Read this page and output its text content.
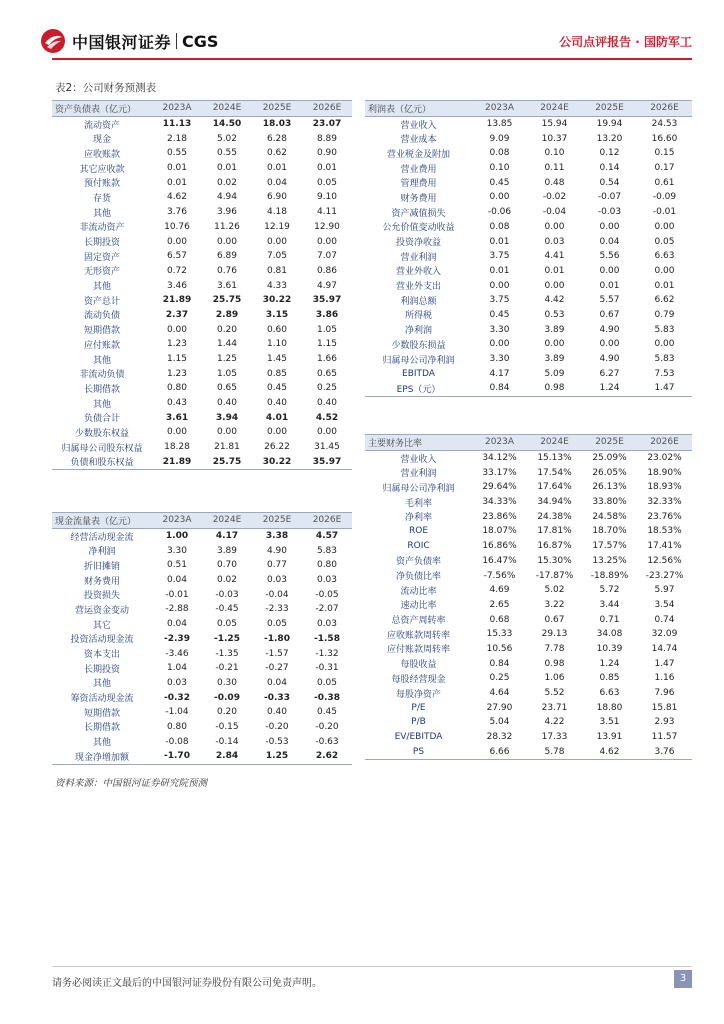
中国银河证券 CGS	公司点评报告 · 国防军工
表2：公司财务预测表
资产负债表（亿元）	2023A	2024E	2025E	2026E
流动资产	11.13	14.50	18.03	23.07
现金	2.18	5.02	6.28	8.89
应收账款	0.55	0.55	0.62	0.90
其它应收款	0.01	0.01	0.01	0.01
预付账款	0.01	0.02	0.04	0.05
存货	4.62	4.94	6.90	9.10
其他	3.76	3.96	4.18	4.11
非流动资产	10.76	11.26	12.19	12.90
长期投资	0.00	0.00	0.00	0.00
固定资产	6.57	6.89	7.05	7.07
无形资产	0.72	0.76	0.81	0.86
其他	3.46	3.61	4.33	4.97
资产总计	21.89	25.75	30.22	35.97
流动负债	2.37	2.89	3.15	3.86
短期借款	0.00	0.20	0.60	1.05
应付账款	1.23	1.44	1.10	1.15
其他	1.15	1.25	1.45	1.66
非流动负债	1.23	1.05	0.85	0.65
长期借款	0.80	0.65	0.45	0.25
其他	0.43	0.40	0.40	0.40
负债合计	3.61	3.94	4.01	4.52
少数股东权益	0.00	0.00	0.00	0.00
归属母公司股东权益	18.28	21.81	26.22	31.45
负债和股东权益	21.89	25.75	30.22	35.97
利润表（亿元）	2023A	2024E	2025E	2026E
营业收入	13.85	15.94	19.94	24.53
营业成本	9.09	10.37	13.20	16.60
营业税金及附加	0.08	0.10	0.12	0.15
营业费用	0.10	0.11	0.14	0.17
管理费用	0.45	0.48	0.54	0.61
财务费用	0.00	-0.02	-0.07	-0.09
资产减值损失	-0.06	-0.04	-0.03	-0.01
公允价值变动收益	0.08	0.00	0.00	0.00
投资净收益	0.01	0.03	0.04	0.05
营业利润	3.75	4.41	5.56	6.63
营业外收入	0.01	0.01	0.00	0.00
营业外支出	0.00	0.00	0.01	0.01
利润总额	3.75	4.42	5.57	6.62
所得税	0.45	0.53	0.67	0.79
净利润	3.30	3.89	4.90	5.83
少数股东损益	0.00	0.00	0.00	0.00
归属母公司净利润	3.30	3.89	4.90	5.83
EBITDA	4.17	5.09	6.27	7.53
EPS（元）	0.84	0.98	1.24	1.47
现金流量表（亿元）	2023A	2024E	2025E	2026E
经营活动现金流	1.00	4.17	3.38	4.57
净利润	3.30	3.89	4.90	5.83
折旧摊销	0.51	0.70	0.77	0.80
财务费用	0.04	0.02	0.03	0.03
投资损失	-0.01	-0.03	-0.04	-0.05
营运资金变动	-2.88	-0.45	-2.33	-2.07
其它	0.04	0.05	0.05	0.03
投资活动现金流	-2.39	-1.25	-1.80	-1.58
资本支出	-3.46	-1.35	-1.57	-1.32
长期投资	1.04	-0.21	-0.27	-0.31
其他	0.03	0.30	0.04	0.05
筹资活动现金流	-0.32	-0.09	-0.33	-0.38
短期借款	-1.04	0.20	0.40	0.45
长期借款	0.80	-0.15	-0.20	-0.20
其他	-0.08	-0.14	-0.53	-0.63
现金净增加额	-1.70	2.84	1.25	2.62
主要财务比率	2023A	2024E	2025E	2026E
营业收入	34.12%	15.13%	25.09%	23.02%
营业利润	33.17%	17.54%	26.05%	18.90%
归属母公司净利润	29.64%	17.64%	26.13%	18.93%
毛利率	34.33%	34.94%	33.80%	32.33%
净利率	23.86%	24.38%	24.58%	23.76%
ROE	18.07%	17.81%	18.70%	18.53%
ROIC	16.86%	16.87%	17.57%	17.41%
资产负债率	16.47%	15.30%	13.25%	12.56%
净负债比率	-7.56%	-17.87%	-18.89%	-23.27%
流动比率	4.69	5.02	5.72	5.97
速动比率	2.65	3.22	3.44	3.54
总资产周转率	0.68	0.67	0.71	0.74
应收账款周转率	15.33	29.13	34.08	32.09
应付账款周转率	10.56	7.78	10.39	14.74
每股收益	0.84	0.98	1.24	1.47
每股经营现金	0.25	1.06	0.85	1.16
每股净资产	4.64	5.52	6.63	7.96
P/E	27.90	23.71	18.80	15.81
P/B	5.04	4.22	3.51	2.93
EV/EBITDA	28.32	17.33	13.91	11.57
PS	6.66	5.78	4.62	3.76
资料来源：中国银河证券研究院预测
请务必阅读正文最后的中国银河证券股份有限公司免责声明。	3
